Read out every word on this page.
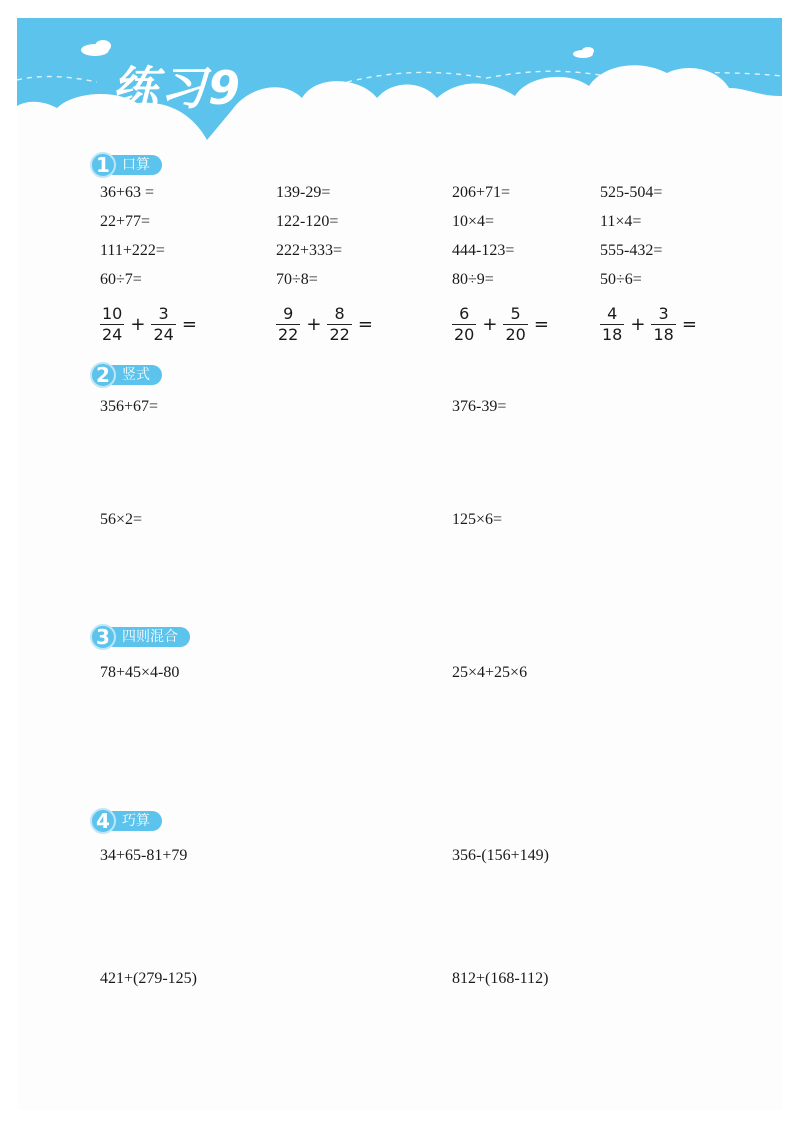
练习9
1 口算
36+63 =	139-29=	206+71=	525-504=
22+77=	122-120=	10×4=	11×4=
111+222=	222+333=	444-123=	555-432=
60÷7=	70÷8=	80÷9=	50÷6=
$\frac{10}{24} + \frac{3}{24}$ =	$\frac{9}{22} + \frac{8}{22}$ =	$\frac{6}{20} + \frac{5}{20}$ =	$\frac{4}{18} + \frac{3}{18}$ =
2 竖式
356+67=	376-39=
56×2=	125×6=
3 四则混合
78+45×4-80	25×4+25×6
4 巧算
34+65-81+79	356-(156+149)
421+(279-125)	812+(168-112)
